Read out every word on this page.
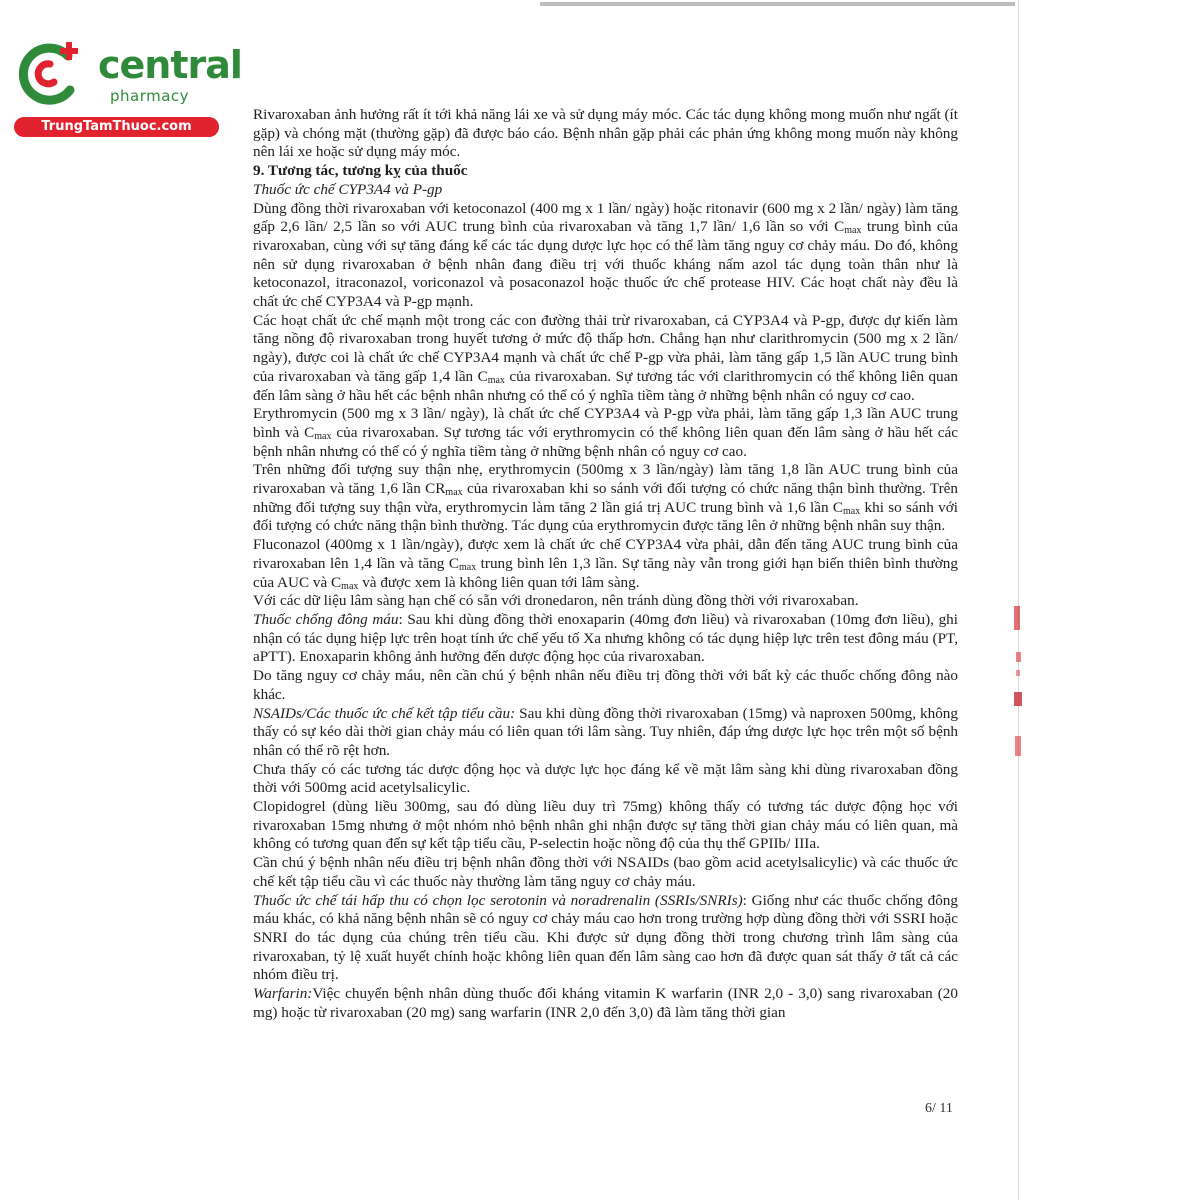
central
pharmacy
TrungTamThuoc.com

Rivaroxaban ảnh hưởng rất ít tới khả năng lái xe và sử dụng máy móc. Các tác dụng không mong muốn như ngất (ít gặp) và chóng mặt (thường gặp) đã được báo cáo. Bệnh nhân gặp phải các phản ứng không mong muốn này không nên lái xe hoặc sử dụng máy móc.

9. Tương tác, tương kỵ của thuốc

Thuốc ức chế CYP3A4 và P-gp

Dùng đồng thời rivaroxaban với ketoconazol (400 mg x 1 lần/ ngày) hoặc ritonavir (600 mg x 2 lần/ ngày) làm tăng gấp 2,6 lần/ 2,5 lần so với AUC trung bình của rivaroxaban và tăng 1,7 lần/ 1,6 lần so với $C_{max}$ trung bình của rivaroxaban, cùng với sự tăng đáng kể các tác dụng dược lực học có thể làm tăng nguy cơ chảy máu. Do đó, không nên sử dụng rivaroxaban ở bệnh nhân đang điều trị với thuốc kháng nấm azol tác dụng toàn thân như là ketoconazol, itraconazol, voriconazol và posaconazol hoặc thuốc ức chế protease HIV. Các hoạt chất này đều là chất ức chế CYP3A4 và P-gp mạnh.

Các hoạt chất ức chế mạnh một trong các con đường thải trừ rivaroxaban, cả CYP3A4 và P-gp, được dự kiến làm tăng nồng độ rivaroxaban trong huyết tương ở mức độ thấp hơn. Chẳng hạn như clarithromycin (500 mg x 2 lần/ ngày), được coi là chất ức chế CYP3A4 mạnh và chất ức chế P-gp vừa phải, làm tăng gấp 1,5 lần AUC trung bình của rivaroxaban và tăng gấp 1,4 lần $C_{max}$ của rivaroxaban. Sự tương tác với clarithromycin có thể không liên quan đến lâm sàng ở hầu hết các bệnh nhân nhưng có thể có ý nghĩa tiềm tàng ở những bệnh nhân có nguy cơ cao.

Erythromycin (500 mg x 3 lần/ ngày), là chất ức chế CYP3A4 và P-gp vừa phải, làm tăng gấp 1,3 lần AUC trung bình và $C_{max}$ của rivaroxaban. Sự tương tác với erythromycin có thể không liên quan đến lâm sàng ở hầu hết các bệnh nhân nhưng có thể có ý nghĩa tiềm tàng ở những bệnh nhân có nguy cơ cao.

Trên những đối tượng suy thận nhẹ, erythromycin (500mg x 3 lần/ngày) làm tăng 1,8 lần AUC trung bình của rivaroxaban và tăng 1,6 lần $CR_{max}$ của rivaroxaban khi so sánh với đối tượng có chức năng thận bình thường. Trên những đối tượng suy thận vừa, erythromycin làm tăng 2 lần giá trị AUC trung bình và 1,6 lần $C_{max}$ khi so sánh với đối tượng có chức năng thận bình thường. Tác dụng của erythromycin được tăng lên ở những bệnh nhân suy thận.

Fluconazol (400mg x 1 lần/ngày), được xem là chất ức chế CYP3A4 vừa phải, dẫn đến tăng AUC trung bình của rivaroxaban lên 1,4 lần và tăng $C_{max}$ trung bình lên 1,3 lần. Sự tăng này vẫn trong giới hạn biến thiên bình thường của AUC và $C_{max}$ và được xem là không liên quan tới lâm sàng.

Với các dữ liệu lâm sàng hạn chế có sẵn với dronedaron, nên tránh dùng đồng thời với rivaroxaban.

Thuốc chống đông máu: Sau khi dùng đồng thời enoxaparin (40mg đơn liều) và rivaroxaban (10mg đơn liều), ghi nhận có tác dụng hiệp lực trên hoạt tính ức chế yếu tố Xa nhưng không có tác dụng hiệp lực trên test đông máu (PT, aPTT). Enoxaparin không ảnh hưởng đến dược động học của rivaroxaban.

Do tăng nguy cơ chảy máu, nên cần chú ý bệnh nhân nếu điều trị đồng thời với bất kỳ các thuốc chống đông nào khác.

NSAIDs/Các thuốc ức chế kết tập tiểu cầu: Sau khi dùng đồng thời rivaroxaban (15mg) và naproxen 500mg, không thấy có sự kéo dài thời gian chảy máu có liên quan tới lâm sàng. Tuy nhiên, đáp ứng dược lực học trên một số bệnh nhân có thể rõ rệt hơn.

Chưa thấy có các tương tác dược động học và dược lực học đáng kể về mặt lâm sàng khi dùng rivaroxaban đồng thời với 500mg acid acetylsalicylic.

Clopidogrel (dùng liều 300mg, sau đó dùng liều duy trì 75mg) không thấy có tương tác dược động học với rivaroxaban 15mg nhưng ở một nhóm nhỏ bệnh nhân ghi nhận được sự tăng thời gian chảy máu có liên quan, mà không có tương quan đến sự kết tập tiểu cầu, P-selectin hoặc nồng độ của thụ thể GPIIb/ IIIa.

Cần chú ý bệnh nhân nếu điều trị bệnh nhân đồng thời với NSAIDs (bao gồm acid acetylsalicylic) và các thuốc ức chế kết tập tiểu cầu vì các thuốc này thường làm tăng nguy cơ chảy máu.

Thuốc ức chế tái hấp thu có chọn lọc serotonin và noradrenalin (SSRIs/SNRIs): Giống như các thuốc chống đông máu khác, có khả năng bệnh nhân sẽ có nguy cơ chảy máu cao hơn trong trường hợp dùng đồng thời với SSRI hoặc SNRI do tác dụng của chúng trên tiểu cầu. Khi được sử dụng đồng thời trong chương trình lâm sàng của rivaroxaban, tỷ lệ xuất huyết chính hoặc không liên quan đến lâm sàng cao hơn đã được quan sát thấy ở tất cả các nhóm điều trị.

Warfarin:Việc chuyển bệnh nhân dùng thuốc đối kháng vitamin K warfarin (INR 2,0 - 3,0) sang rivaroxaban (20 mg) hoặc từ rivaroxaban (20 mg) sang warfarin (INR 2,0 đến 3,0) đã làm tăng thời gian

6/ 11
